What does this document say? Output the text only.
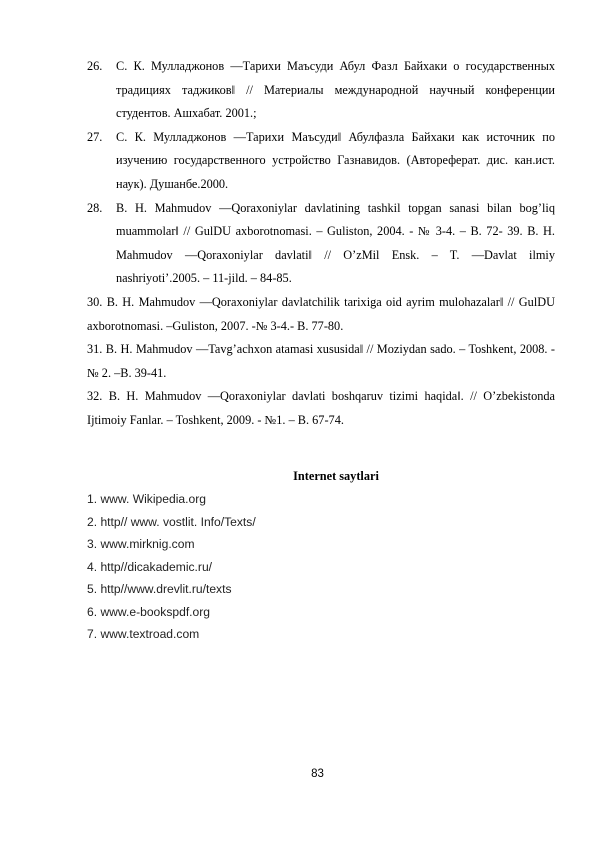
26.	С. К. Мулладжонов ―Тарихи Маъсуди Абул Фазл Байхаки о государственных традициях таджиков‖ // Материалы международной научный конференции студентов. Ашхабат. 2001.;
27.	С. К. Мулладжонов ―Тарихи Маъсуди‖ Абулфазла Байхаки как источник по изучению государственного устройство Газнавидов. (Автореферат. дис. кан.ист. наук). Душанбе.2000.
28.	B. H. Mahmudov ―Qoraxoniylar davlatining tashkil topgan sanasi bilan bog’liq muammolar‖ // GulDU axborotnomasi. – Guliston, 2004. - № 3-4. – B. 72- 39. B. H. Mahmudov ―Qoraxoniylar davlati‖ // O’zMil Ensk. – T. ―Davlat ilmiy nashriyoti’.2005. – 11-jild. – 84-85.
30. B. H. Mahmudov ―Qoraxoniylar davlatchilik tarixiga oid ayrim mulohazalar‖ // GulDU axborotnomasi. –Guliston, 2007. -№ 3-4.- B. 77-80.
31. B. H. Mahmudov ―Tavg’achxon atamasi xususida‖ // Moziydan sado. – Toshkent, 2008. - № 2. –B. 39-41.
32. B. H. Mahmudov ―Qoraxoniylar davlati boshqaruv tizimi haqida‖. // O’zbekistonda Ijtimoiy Fanlar. – Toshkent, 2009. - №1. – B. 67-74.
Internet saytlari
1. www. Wikipedia.org
2. http// www. vostlit. Info/Texts/
3. www.mirknig.com
4. http//dicakademic.ru/
5. http//www.drevlit.ru/texts
6. www.e-bookspdf.org
7. www.textroad.com
83
